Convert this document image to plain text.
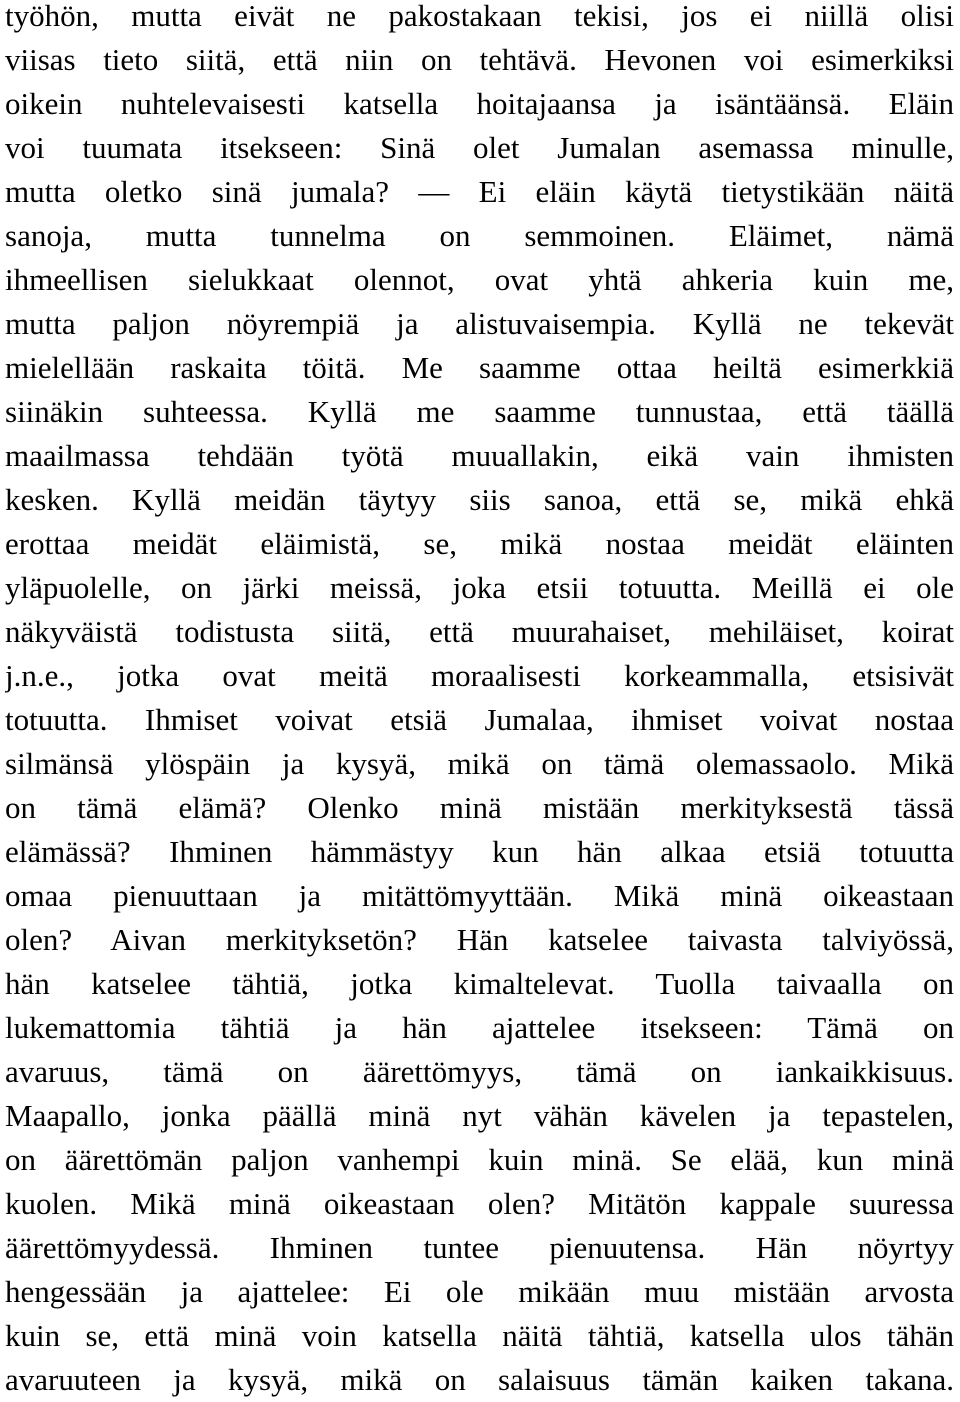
työhön, mutta eivät ne pakostakaan tekisi, jos ei niillä olisi
viisas tieto siitä, että niin on tehtävä. Hevonen voi esimerkiksi
oikein nuhtelevaisesti katsella hoitajaansa ja isäntäänsä. Eläin
voi tuumata itsekseen: Sinä olet Jumalan asemassa minulle,
mutta oletko sinä jumala? — Ei eläin käytä tietystikään näitä
sanoja, mutta tunnelma on semmoinen. Eläimet, nämä
ihmeellisen sielukkaat olennot, ovat yhtä ahkeria kuin me,
mutta paljon nöyrempiä ja alistuvaisempia. Kyllä ne tekevät
mielellään raskaita töitä. Me saamme ottaa heiltä esimerkkiä
siinäkin suhteessa. Kyllä me saamme tunnustaa, että täällä
maailmassa tehdään työtä muuallakin, eikä vain ihmisten
kesken. Kyllä meidän täytyy siis sanoa, että se, mikä ehkä
erottaa meidät eläimistä, se, mikä nostaa meidät eläinten
yläpuolelle, on järki meissä, joka etsii totuutta. Meillä ei ole
näkyväistä todistusta siitä, että muurahaiset, mehiläiset, koirat
j.n.e., jotka ovat meitä moraalisesti korkeammalla, etsisivät
totuutta. Ihmiset voivat etsiä Jumalaa, ihmiset voivat nostaa
silmänsä ylöspäin ja kysyä, mikä on tämä olemassaolo. Mikä
on tämä elämä? Olenko minä mistään merkityksestä tässä
elämässä? Ihminen hämmästyy kun hän alkaa etsiä totuutta
omaa pienuuttaan ja mitättömyyttään. Mikä minä oikeastaan
olen? Aivan merkityksetön? Hän katselee taivasta talviyössä,
hän katselee tähtiä, jotka kimaltelevat. Tuolla taivaalla on
lukemattomia tähtiä ja hän ajattelee itsekseen: Tämä on
avaruus, tämä on äärettömyys, tämä on iankaikkisuus.
Maapallo, jonka päällä minä nyt vähän kävelen ja tepastelen,
on äärettömän paljon vanhempi kuin minä. Se elää, kun minä
kuolen. Mikä minä oikeastaan olen? Mitätön kappale suuressa
äärettömyydessä. Ihminen tuntee pienuutensa. Hän nöyrtyy
hengessään ja ajattelee: Ei ole mikään muu mistään arvosta
kuin se, että minä voin katsella näitä tähtiä, katsella ulos tähän
avaruuteen ja kysyä, mikä on salaisuus tämän kaiken takana.
